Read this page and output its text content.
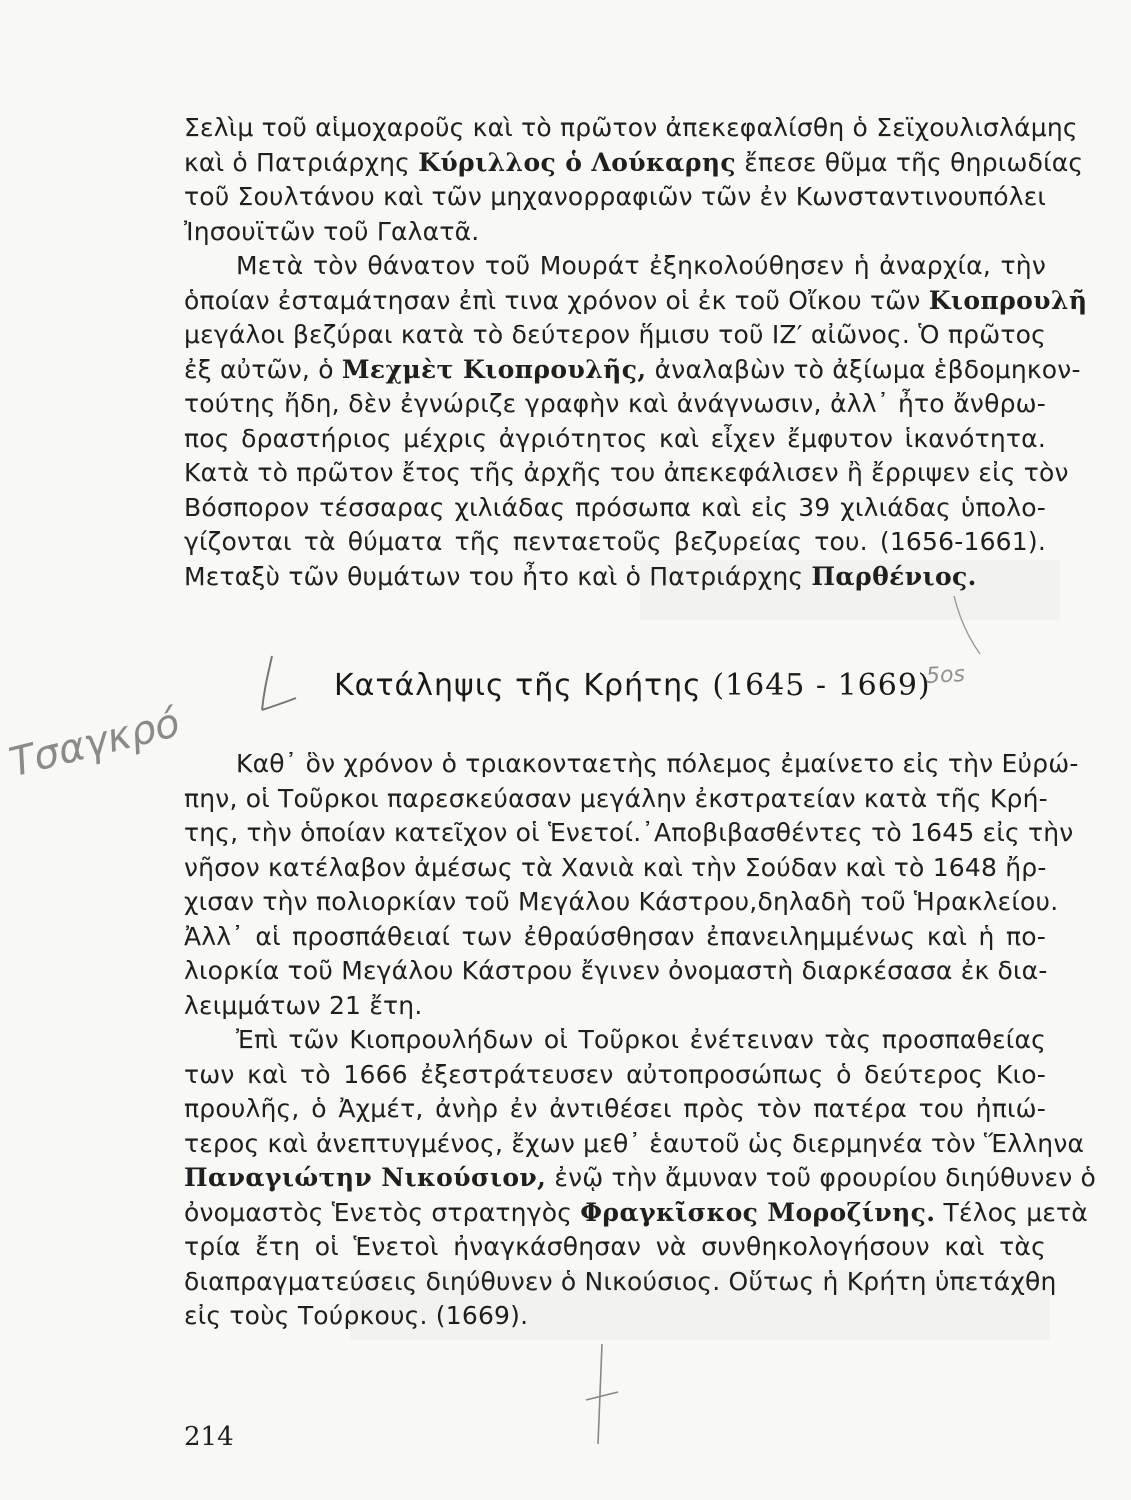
Σελὶμ τοῦ αἱμοχαροῦς καὶ τὸ πρῶτον ἀπεκεφαλίσθη ὁ Σεϊχουλισλάμης
καὶ ὁ Πατριάρχης Κύριλλος ὁ Λούκαρης ἔπεσε θῦμα τῆς θηριωδίας
τοῦ Σουλτάνου καὶ τῶν μηχανορραφιῶν τῶν ἐν Κωνσταντινουπόλει
Ἰησουϊτῶν τοῦ Γαλατᾶ.
Μετὰ τὸν θάνατον τοῦ Μουράτ ἐξηκολούθησεν ἡ ἀναρχία, τὴν
ὁποίαν ἐσταμάτησαν ἐπὶ τινα χρόνον οἱ ἐκ τοῦ Οἴκου τῶν Κιοπρουλῆ
μεγάλοι βεζύραι κατὰ τὸ δεύτερον ἥμισυ τοῦ ΙΖ′ αἰῶνος. Ὁ πρῶτος
ἐξ αὐτῶν, ὁ Μεχμὲτ Κιοπρουλῆς, ἀναλαβὼν τὸ ἀξίωμα ἑβδομηκον-
τούτης ἤδη, δὲν ἐγνώριζε γραφὴν καὶ ἀνάγνωσιν, ἀλλ᾽ ἦτο ἄνθρω-
πος δραστήριος μέχρις ἀγριότητος καὶ εἶχεν ἔμφυτον ἱκανότητα.
Κατὰ τὸ πρῶτον ἔτος τῆς ἀρχῆς του ἀπεκεφάλισεν ἢ ἔρριψεν εἰς τὸν
Βόσπορον τέσσαρας χιλιάδας πρόσωπα καὶ εἰς 39 χιλιάδας ὑπολο-
γίζονται τὰ θύματα τῆς πενταετοῦς βεζυρείας του. (1656-1661).
Μεταξὺ τῶν θυμάτων του ἦτο καὶ ὁ Πατριάρχης Παρθένιος.
Κατάληψις τῆς Κρήτης (1645 - 1669)
Καθ᾽ ὃν χρόνον ὁ τριακονταετὴς πόλεμος ἐμαίνετο εἰς τὴν Εὐρώ-
πην, οἱ Τοῦρκοι παρεσκεύασαν μεγάλην ἐκστρατείαν κατὰ τῆς Κρή-
της, τὴν ὁποίαν κατεῖχον οἱ Ἑνετοί.᾿Αποβιβασθέντες τὸ 1645 εἰς τὴν
νῆσον κατέλαβον ἀμέσως τὰ Χανιὰ καὶ τὴν Σούδαν καὶ τὸ 1648 ἤρ-
χισαν τὴν πολιορκίαν τοῦ Μεγάλου Κάστρου,δηλαδὴ τοῦ Ἡρακλείου.
Ἀλλ᾽ αἱ προσπάθειαί των ἐθραύσθησαν ἐπανειλημμένως καὶ ἡ πο-
λιορκία τοῦ Μεγάλου Κάστρου ἔγινεν ὀνομαστὴ διαρκέσασα ἐκ δια-
λειμμάτων 21 ἔτη.
Ἐπὶ τῶν Κιοπρουλήδων οἱ Τοῦρκοι ἐνέτειναν τὰς προσπαθείας
των καὶ τὸ 1666 ἐξεστράτευσεν αὐτοπροσώπως ὁ δεύτερος Κιο-
προυλῆς, ὁ Ἀχμέτ, ἀνὴρ ἐν ἀντιθέσει πρὸς τὸν πατέρα του ἠπιώ-
τερος καὶ ἀνεπτυγμένος, ἔχων μεθ᾽ ἑαυτοῦ ὡς διερμηνέα τὸν Ἕλληνα
Παναγιώτην Νικούσιον, ἐνῷ τὴν ἄμυναν τοῦ φρουρίου διηύθυνεν ὁ
ὀνομαστὸς Ἑνετὸς στρατηγὸς Φραγκῖσκος Μοροζίνης. Τέλος μετὰ
τρία ἔτη οἱ Ἑνετοὶ ἠναγκάσθησαν νὰ συνθηκολογήσουν καὶ τὰς
διαπραγματεύσεις διηύθυνεν ὁ Νικούσιος. Οὕτως ἡ Κρήτη ὑπετάχθη
εἰς τοὺς Τούρκους. (1669).
214
Τσαγκρό
5os
